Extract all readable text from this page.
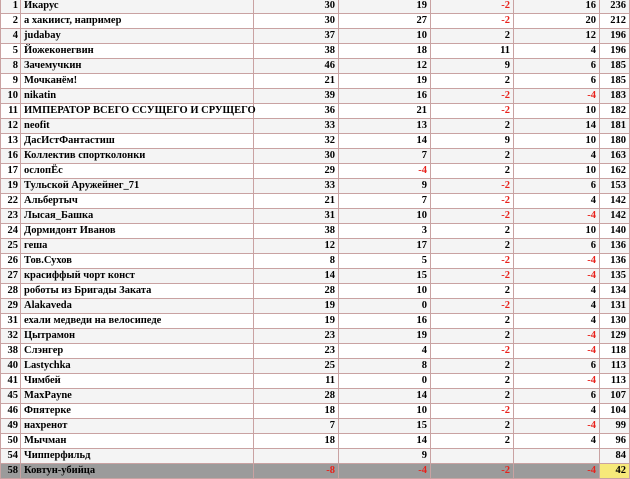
1	Икарус	30	19	-2	16	236
2	а хакиист, например	30	27	-2	20	212
4	judabay	37	10	2	12	196
5	Йожеконегвин	38	18	11	4	196
8	Зачемучкин	46	12	9	6	185
9	Мочканём!	21	19	2	6	185
10	nikatin	39	16	-2	-4	183
11	ИМПЕРАТОР ВСЕГО ССУЩЕГО И СРУЩЕГО	36	21	-2	10	182
12	neofit	33	13	2	14	181
13	ДасИстФантастиш	32	14	9	10	180
16	Коллектив спортколонки	30	7	2	4	163
17	ослопЁс	29	-4	2	10	162
19	Тульской Аружейнег_71	33	9	-2	6	153
22	Альбертыч	21	7	-2	4	142
23	Лысая_Башка	31	10	-2	-4	142
24	Дормидонт Иванов	38	3	2	10	140
25	геша	12	17	2	6	136
26	Тов.Сухов	8	5	-2	-4	136
27	красиффый чорт конст	14	15	-2	-4	135
28	роботы из Бригады Заката	28	10	2	4	134
29	Alakaveda	19	0	-2	4	131
31	ехали медведи на велосипеде	19	16	2	4	130
32	Цытрамон	23	19	2	-4	129
38	Слэнгер	23	4	-2	-4	118
40	Lastychka	25	8	2	6	113
41	Чимбей	11	0	2	-4	113
45	MaxPayne	28	14	2	6	107
46	Фпятерке	18	10	-2	4	104
49	нахренот	7	15	2	-4	99
50	Мычман	18	14	2	4	96
54	Чипперфильд		9			84
58	Ковтун-убийца	-8	-4	-2	-4	42
